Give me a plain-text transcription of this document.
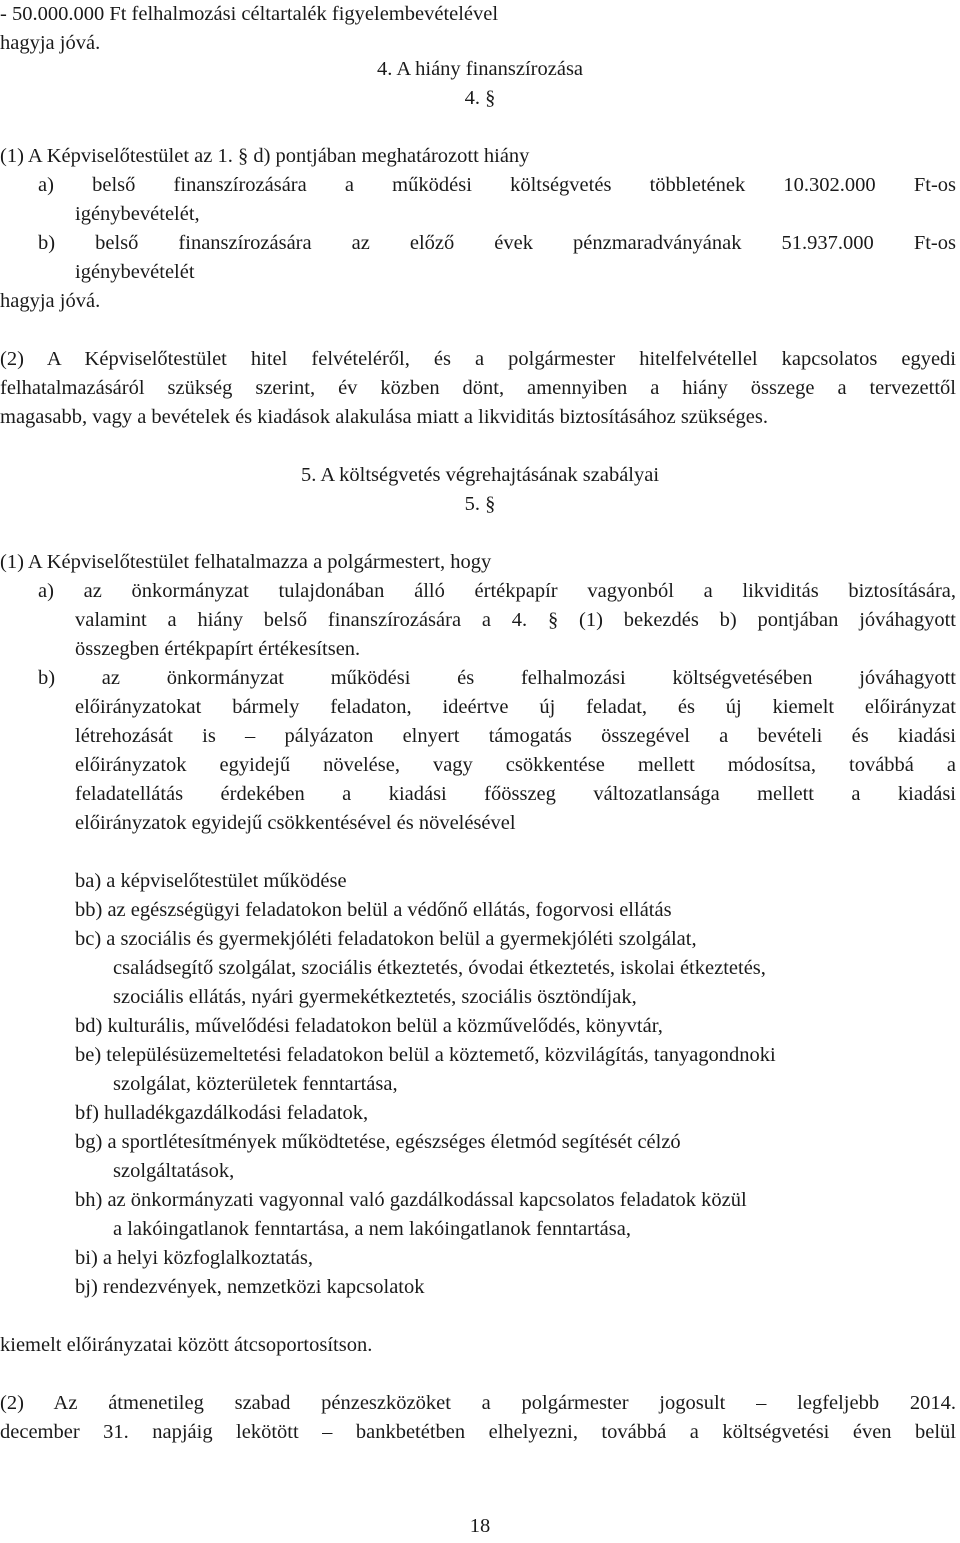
- 50.000.000 Ft felhalmozási céltartalék figyelembevételével
hagyja jóvá.
4. A hiány finanszírozása
4. §
(1) A Képviselőtestület az 1. § d) pontjában meghatározott hiány
a) belső finanszírozására a működési költségvetés többletének 10.302.000 Ft-os
igénybevételét,
b) belső finanszírozására az előző évek pénzmaradványának 51.937.000 Ft-os
igénybevételét
hagyja jóvá.
(2) A Képviselőtestület hitel felvételéről, és a polgármester hitelfelvétellel kapcsolatos egyedi
felhatalmazásáról szükség szerint, év közben dönt, amennyiben a hiány összege a tervezettől
magasabb, vagy a bevételek és kiadások alakulása miatt a likviditás biztosításához szükséges.
5. A költségvetés végrehajtásának szabályai
5. §
(1) A Képviselőtestület felhatalmazza a polgármestert, hogy
a) az önkormányzat tulajdonában álló értékpapír vagyonból a likviditás biztosítására,
valamint a hiány belső finanszírozására a 4. § (1) bekezdés b) pontjában jóváhagyott
összegben értékpapírt értékesítsen.
b) az önkormányzat működési és felhalmozási költségvetésében jóváhagyott
előirányzatokat bármely feladaton, ideértve új feladat, és új kiemelt előirányzat
létrehozását is – pályázaton elnyert támogatás összegével a bevételi és kiadási
előirányzatok egyidejű növelése, vagy csökkentése mellett módosítsa, továbbá a
feladatellátás érdekében a kiadási főösszeg változatlansága mellett a kiadási
előirányzatok egyidejű csökkentésével és növelésével
ba) a képviselőtestület működése
bb) az egészségügyi feladatokon belül a védőnő ellátás, fogorvosi ellátás
bc) a szociális és gyermekjóléti feladatokon belül a gyermekjóléti szolgálat,
családsegítő szolgálat, szociális étkeztetés, óvodai étkeztetés, iskolai étkeztetés,
szociális ellátás, nyári gyermekétkeztetés, szociális ösztöndíjak,
bd) kulturális, művelődési feladatokon belül a közművelődés, könyvtár,
be) településüzemeltetési feladatokon belül a köztemető, közvilágítás, tanyagondnoki
szolgálat, közterületek fenntartása,
bf) hulladékgazdálkodási feladatok,
bg) a sportlétesítmények működtetése, egészséges életmód segítését célzó
szolgáltatások,
bh) az önkormányzati vagyonnal való gazdálkodással kapcsolatos feladatok közül
a lakóingatlanok fenntartása, a nem lakóingatlanok fenntartása,
bi) a helyi közfoglalkoztatás,
bj) rendezvények, nemzetközi kapcsolatok
kiemelt előirányzatai között átcsoportosítson.
(2) Az átmenetileg szabad pénzeszközöket a polgármester jogosult – legfeljebb 2014.
december 31. napjáig lekötött – bankbetétben elhelyezni, továbbá a költségvetési éven belül
18
